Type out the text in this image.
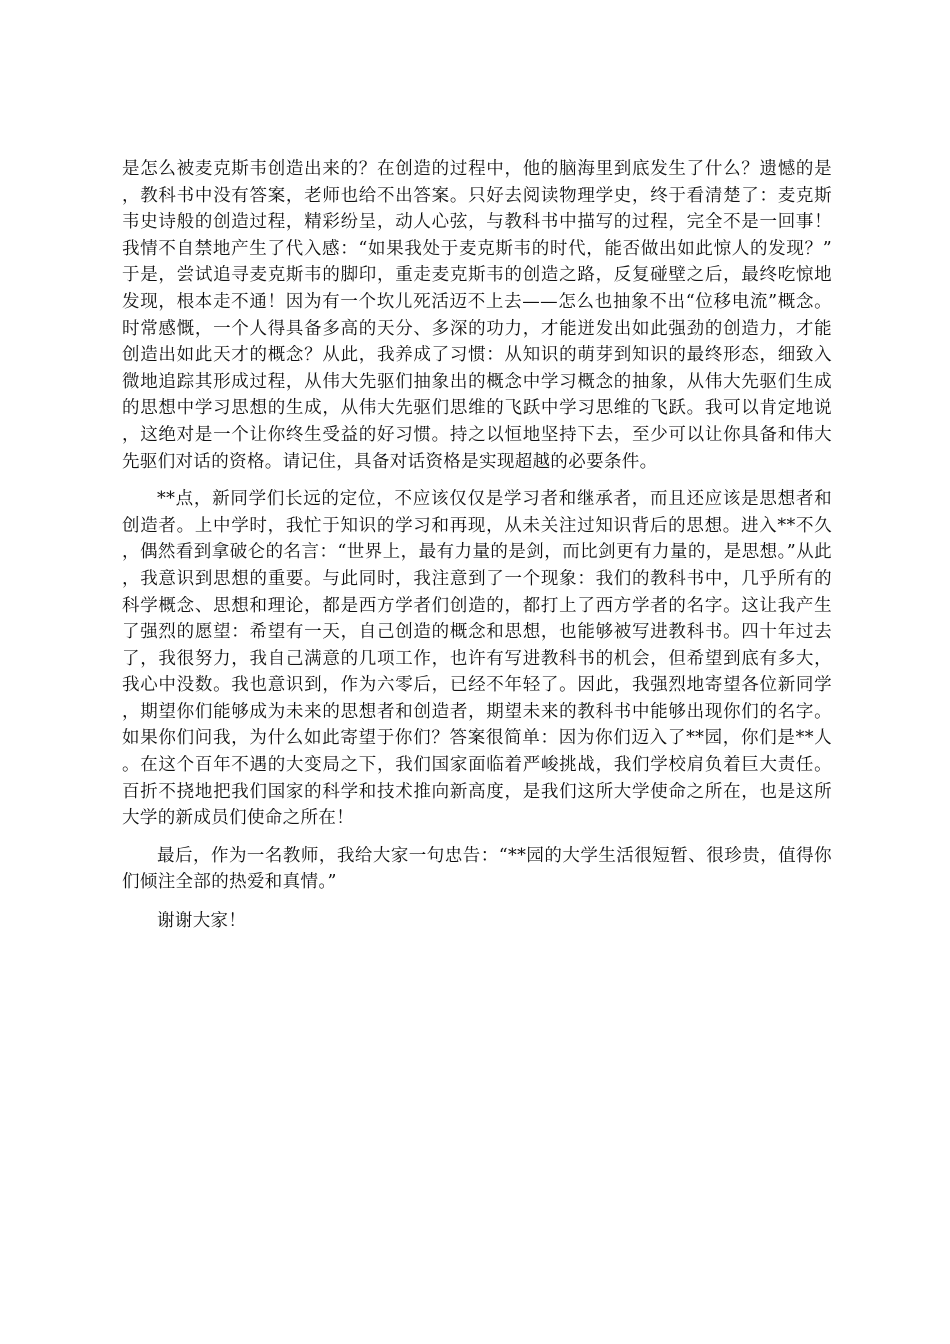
是怎么被麦克斯韦创造出来的？在创造的过程中，他的脑海里到底发生了什么？遗憾的是，教科书中没有答案，老师也给不出答案。只好去阅读物理学史，终于看清楚了：麦克斯韦史诗般的创造过程，精彩纷呈，动人心弦，与教科书中描写的过程，完全不是一回事！我情不自禁地产生了代入感：“如果我处于麦克斯韦的时代，能否做出如此惊人的发现？”于是，尝试追寻麦克斯韦的脚印，重走麦克斯韦的创造之路，反复碰壁之后，最终吃惊地发现，根本走不通！因为有一个坎儿死活迈不上去——怎么也抽象不出“位移电流”概念。时常感慨，一个人得具备多高的天分、多深的功力，才能迸发出如此强劲的创造力，才能创造出如此天才的概念？从此，我养成了习惯：从知识的萌芽到知识的最终形态，细致入微地追踪其形成过程，从伟大先驱们抽象出的概念中学习概念的抽象，从伟大先驱们生成的思想中学习思想的生成，从伟大先驱们思维的飞跃中学习思维的飞跃。我可以肯定地说，这绝对是一个让你终生受益的好习惯。持之以恒地坚持下去，至少可以让你具备和伟大先驱们对话的资格。请记住，具备对话资格是实现超越的必要条件。

**点，新同学们长远的定位，不应该仅仅是学习者和继承者，而且还应该是思想者和创造者。上中学时，我忙于知识的学习和再现，从未关注过知识背后的思想。进入**不久，偶然看到拿破仑的名言：“世界上，最有力量的是剑，而比剑更有力量的，是思想。”从此，我意识到思想的重要。与此同时，我注意到了一个现象：我们的教科书中，几乎所有的科学概念、思想和理论，都是西方学者们创造的，都打上了西方学者的名字。这让我产生了强烈的愿望：希望有一天，自己创造的概念和思想，也能够被写进教科书。四十年过去了，我很努力，我自己满意的几项工作，也许有写进教科书的机会，但希望到底有多大，我心中没数。我也意识到，作为六零后，已经不年轻了。因此，我强烈地寄望各位新同学，期望你们能够成为未来的思想者和创造者，期望未来的教科书中能够出现你们的名字。如果你们问我，为什么如此寄望于你们？答案很简单：因为你们迈入了**园，你们是**人。在这个百年不遇的大变局之下，我们国家面临着严峻挑战，我们学校肩负着巨大责任。百折不挠地把我们国家的科学和技术推向新高度，是我们这所大学使命之所在，也是这所大学的新成员们使命之所在！

最后，作为一名教师，我给大家一句忠告：“**园的大学生活很短暂、很珍贵，值得你们倾注全部的热爱和真情。”

谢谢大家！
